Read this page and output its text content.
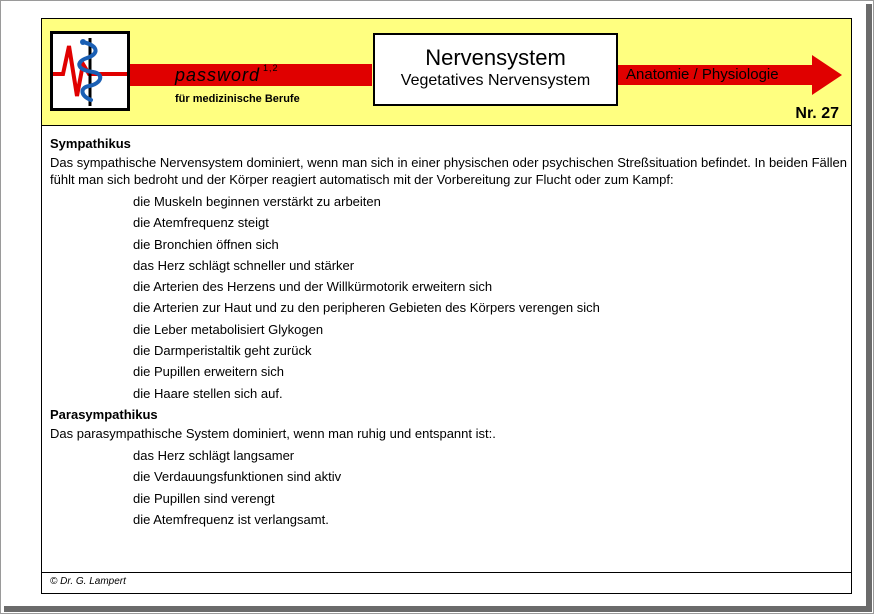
password $^{1,2}$
für medizinische Berufe
Nervensystem
Vegetatives Nervensystem	Anatomie / Physiologie
Nr. 27
Sympathikus
Das sympathische Nervensystem dominiert, wenn man sich in einer physischen oder psychischen Streßsituation befindet. In beiden Fällen fühlt man sich bedroht und der Körper reagiert automatisch mit der Vorbereitung zur Flucht oder zum Kampf:
die Muskeln beginnen verstärkt zu arbeiten
die Atemfrequenz steigt
die Bronchien öffnen sich
das Herz schlägt schneller und stärker
die Arterien des Herzens und der Willkürmotorik erweitern sich
die Arterien zur Haut und zu den peripheren Gebieten des Körpers verengen sich
die Leber metabolisiert Glykogen
die Darmperistaltik geht zurück
die Pupillen erweitern sich
die Haare stellen sich auf.
Parasympathikus
Das parasympathische System dominiert, wenn man ruhig und entspannt ist:.
das Herz schlägt langsamer
die Verdauungsfunktionen sind aktiv
die Pupillen sind verengt
die Atemfrequenz ist verlangsamt.
© Dr. G. Lampert
